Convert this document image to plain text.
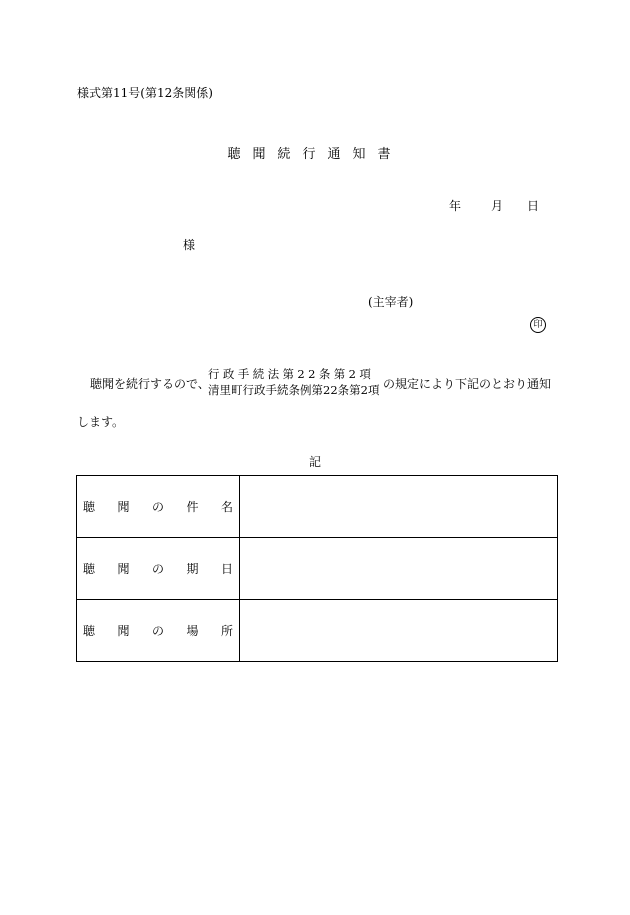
様式第11号(第12条関係)
聴聞続行通知書
年	月 日
様
(主宰者)
印
聴聞を続行するので、
行政手続法第22条第2項
清里町行政手続条例第22条第2項 の規定により下記のとおり通知
します。
記
聴 聞 の 件 名	

聴 聞 の 期 日	

聴 聞 の 場 所	
